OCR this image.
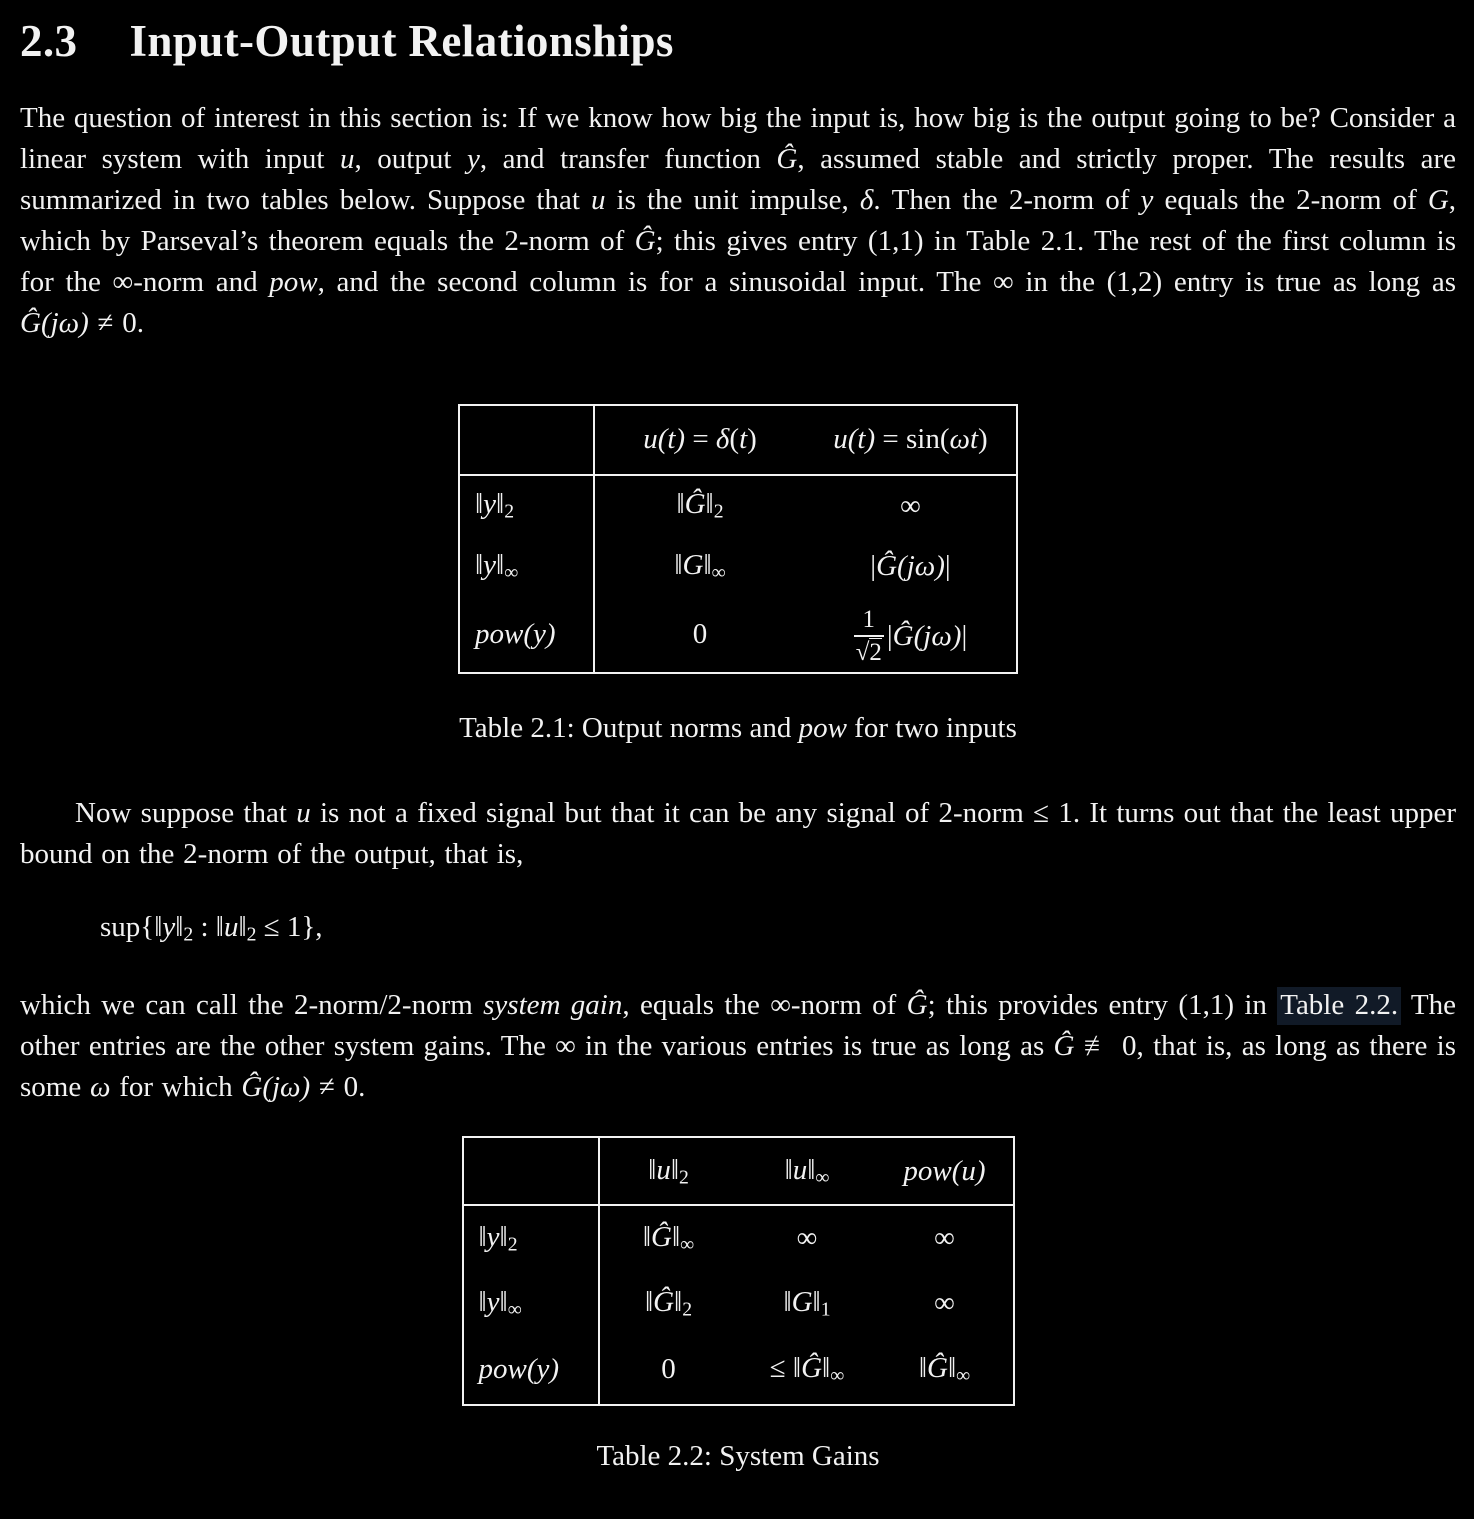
2.3 Input-Output Relationships

The question of interest in this section is: If we know how big the input is, how big is the output going to be? Consider a linear system with input u, output y, and transfer function Ĝ, assumed stable and strictly proper. The results are summarized in two tables below. Suppose that u is the unit impulse, δ. Then the 2-norm of y equals the 2-norm of G, which by Parseval’s theorem equals the 2-norm of Ĝ; this gives entry (1,1) in Table 2.1. The rest of the first column is for the ∞-norm and pow, and the second column is for a sinusoidal input. The ∞ in the (1,2) entry is true as long as Ĝ(jω) ≠ 0.

	u(t) = δ(t)	u(t) = sin(ωt)
‖y‖2	‖Ĝ‖2	∞
‖y‖∞	‖G‖∞	|Ĝ(jω)|
pow(y)	0	$\frac{1}{√2}$ |Ĝ(jω)|
Table 2.1: Output norms and pow for two inputs

Now suppose that u is not a fixed signal but that it can be any signal of 2-norm ≤ 1. It turns out that the least upper bound on the 2-norm of the output, that is,

sup{‖y‖2 : ‖u‖2 ≤ 1},

which we can call the 2-norm/2-norm system gain, equals the ∞-norm of Ĝ; this provides entry (1,1) in Table 2.2. The other entries are the other system gains. The ∞ in the various entries is true as long as Ĝ ≢ 0, that is, as long as there is some ω for which Ĝ(jω) ≠ 0.

	‖u‖2	‖u‖∞	pow(u)
‖y‖2	‖Ĝ‖∞	∞	∞
‖y‖∞	‖Ĝ‖2	‖G‖1	∞
pow(y)	0	≤ ‖Ĝ‖∞	‖Ĝ‖∞
Table 2.2: System Gains
